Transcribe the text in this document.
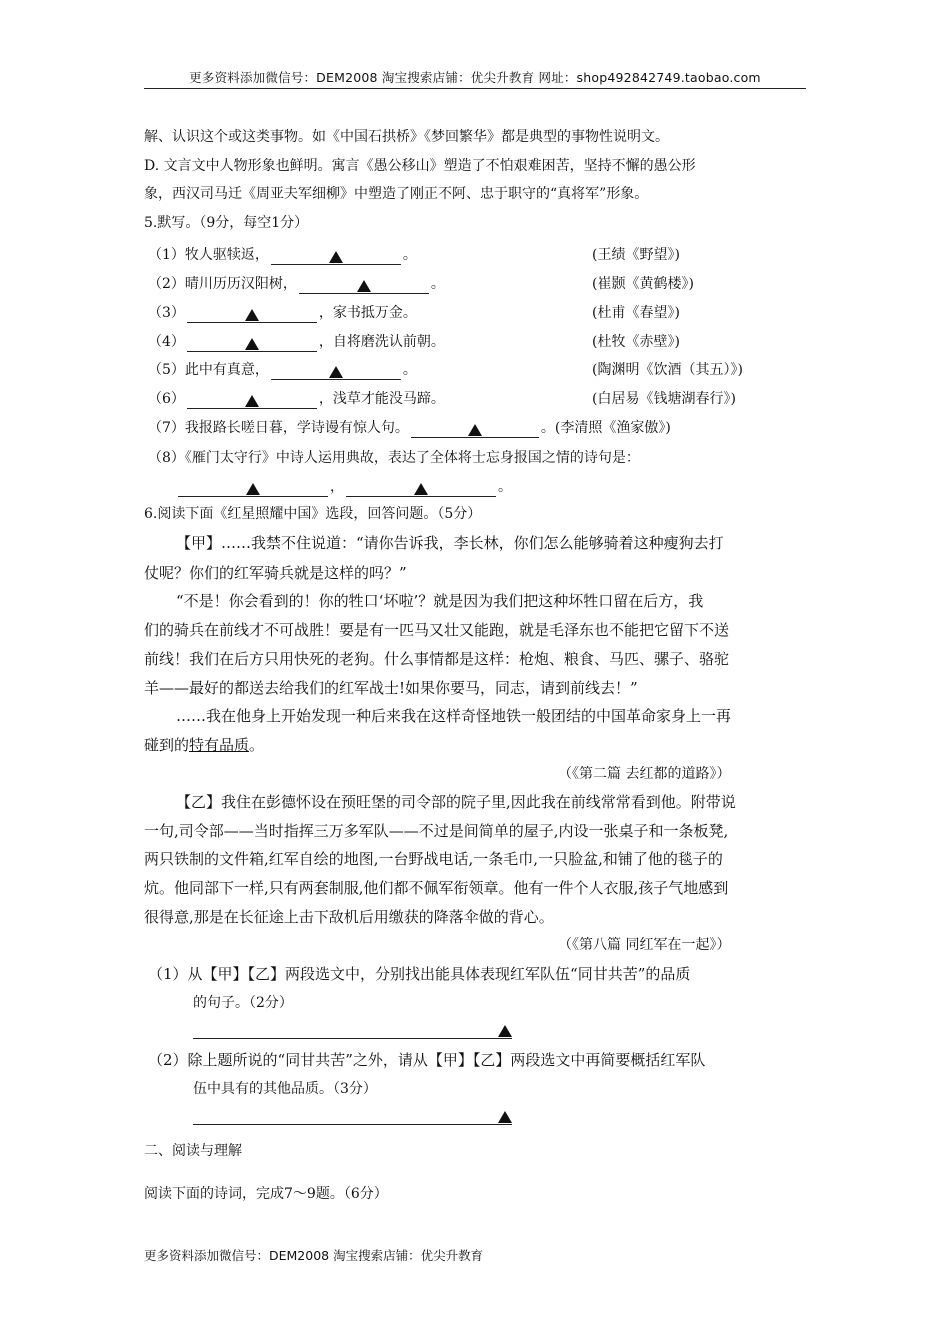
更多资料添加微信号：DEM2008 淘宝搜索店铺：优尖升教育 网址：shop492842749.taobao.com
解、认识这个或这类事物。如《中国石拱桥》《梦回繁华》都是典型的事物性说明文。
D. 文言文中人物形象也鲜明。寓言《愚公移山》塑造了不怕艰难困苦，坚持不懈的愚公形
象，西汉司马迁《周亚夫军细柳》中塑造了刚正不阿、忠于职守的“真将军”形象。
5.默写。（9分，每空1分）
（1）牧人驱犊返，	。	(王绩《野望》)
（2）晴川历历汉阳树，	。	(崔颢《黄鹤楼》)
（3）	，家书抵万金。	(杜甫《春望》)
（4）	，自将磨洗认前朝。	(杜牧《赤壁》)
（5）此中有真意，	。	(陶渊明《饮酒（其五）》)
（6）	，浅草才能没马蹄。	(白居易《钱塘湖春行》)
（7）我报路长嗟日暮，学诗谩有惊人句。	。(李清照《渔家傲》)
（8）《雁门太守行》中诗人运用典故，表达了全体将士忘身报国之情的诗句是：
，	。
6.阅读下面《红星照耀中国》选段，回答问题。（5分）
【甲】……我禁不住说道：“请你告诉我，李长林，你们怎么能够骑着这种瘦狗去打
仗呢？你们的红军骑兵就是这样的吗？”
“不是！你会看到的！你的牲口‘坏啦’？就是因为我们把这种坏牲口留在后方，我
们的骑兵在前线才不可战胜！要是有一匹马又壮又能跑，就是毛泽东也不能把它留下不送
前线！我们在后方只用快死的老狗。什么事情都是这样：枪炮、粮食、马匹、骡子、骆驼
羊——最好的都送去给我们的红军战士!如果你要马，同志，请到前线去！”
……我在他身上开始发现一种后来我在这样奇怪地铁一般团结的中国革命家身上一再
碰到的特有品质。
（《第二篇 去红都的道路》）
【乙】我住在彭德怀设在预旺堡的司令部的院子里,因此我在前线常常看到他。附带说
一句,司令部——当时指挥三万多军队——不过是间简单的屋子,内设一张桌子和一条板凳,
两只铁制的文件箱,红军自绘的地图,一台野战电话,一条毛巾,一只脸盆,和铺了他的毯子的
炕。他同部下一样,只有两套制服,他们都不佩军衔领章。他有一件个人衣服,孩子气地感到
很得意,那是在长征途上击下敌机后用缴获的降落伞做的背心。
（《第八篇 同红军在一起》）
（1）从【甲】【乙】两段选文中，分别找出能具体表现红军队伍“同甘共苦”的品质
的句子。（2分）
（2）除上题所说的“同甘共苦”之外，请从【甲】【乙】两段选文中再简要概括红军队
伍中具有的其他品质。（3分）
二、阅读与理解
阅读下面的诗词，完成7～9题。（6分）
更多资料添加微信号：DEM2008 淘宝搜索店铺：优尖升教育
